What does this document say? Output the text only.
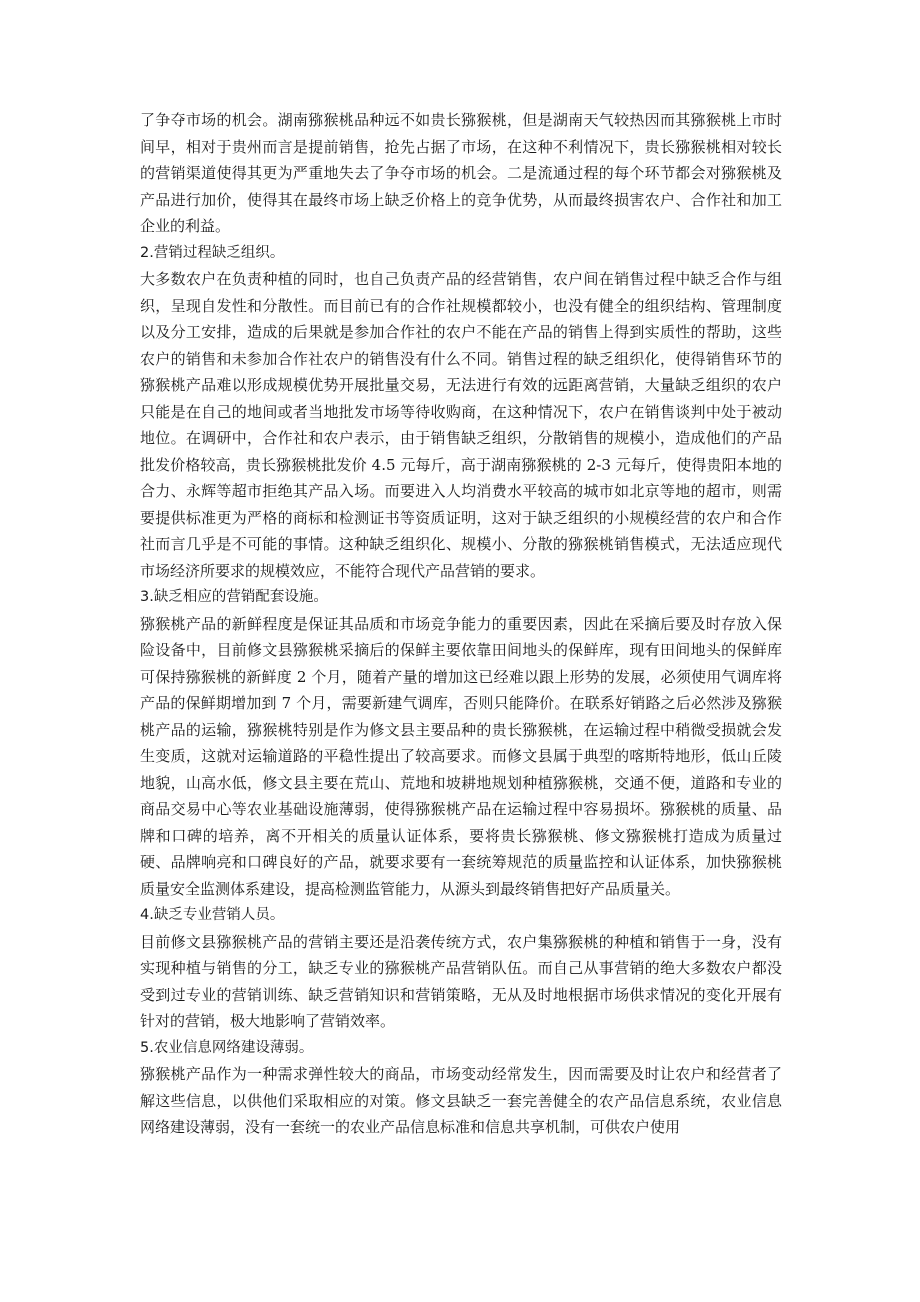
了争夺市场的机会。湖南猕猴桃品种远不如贵长猕猴桃，但是湖南天气较热因而其猕猴桃上市时间早，相对于贵州而言是提前销售，抢先占据了市场，在这种不利情况下，贵长猕猴桃相对较长的营销渠道使得其更为严重地失去了争夺市场的机会。二是流通过程的每个环节都会对猕猴桃及产品进行加价，使得其在最终市场上缺乏价格上的竞争优势，从而最终损害农户、合作社和加工企业的利益。

2.营销过程缺乏组织。

大多数农户在负责种植的同时，也自己负责产品的经营销售，农户间在销售过程中缺乏合作与组织，呈现自发性和分散性。而目前已有的合作社规模都较小，也没有健全的组织结构、管理制度以及分工安排，造成的后果就是参加合作社的农户不能在产品的销售上得到实质性的帮助，这些农户的销售和未参加合作社农户的销售没有什么不同。销售过程的缺乏组织化，使得销售环节的猕猴桃产品难以形成规模优势开展批量交易，无法进行有效的远距离营销，大量缺乏组织的农户只能是在自己的地间或者当地批发市场等待收购商，在这种情况下，农户在销售谈判中处于被动地位。在调研中，合作社和农户表示，由于销售缺乏组织，分散销售的规模小，造成他们的产品批发价格较高，贵长猕猴桃批发价 4.5 元每斤，高于湖南猕猴桃的 2-3 元每斤，使得贵阳本地的合力、永辉等超市拒绝其产品入场。而要进入人均消费水平较高的城市如北京等地的超市，则需要提供标准更为严格的商标和检测证书等资质证明，这对于缺乏组织的小规模经营的农户和合作社而言几乎是不可能的事情。这种缺乏组织化、规模小、分散的猕猴桃销售模式，无法适应现代市场经济所要求的规模效应，不能符合现代产品营销的要求。

3.缺乏相应的营销配套设施。

猕猴桃产品的新鲜程度是保证其品质和市场竞争能力的重要因素，因此在采摘后要及时存放入保险设备中，目前修文县猕猴桃采摘后的保鲜主要依靠田间地头的保鲜库，现有田间地头的保鲜库可保持猕猴桃的新鲜度 2 个月，随着产量的增加这已经难以跟上形势的发展，必须使用气调库将产品的保鲜期增加到 7 个月，需要新建气调库，否则只能降价。在联系好销路之后必然涉及猕猴桃产品的运输，猕猴桃特别是作为修文县主要品种的贵长猕猴桃，在运输过程中稍微受损就会发生变质，这就对运输道路的平稳性提出了较高要求。而修文县属于典型的喀斯特地形，低山丘陵地貌，山高水低，修文县主要在荒山、荒地和坡耕地规划种植猕猴桃，交通不便，道路和专业的商品交易中心等农业基础设施薄弱，使得猕猴桃产品在运输过程中容易损坏。猕猴桃的质量、品牌和口碑的培养，离不开相关的质量认证体系，要将贵长猕猴桃、修文猕猴桃打造成为质量过硬、品牌响亮和口碑良好的产品，就要求要有一套统筹规范的质量监控和认证体系，加快猕猴桃质量安全监测体系建设，提高检测监管能力，从源头到最终销售把好产品质量关。

4.缺乏专业营销人员。

目前修文县猕猴桃产品的营销主要还是沿袭传统方式，农户集猕猴桃的种植和销售于一身，没有实现种植与销售的分工，缺乏专业的猕猴桃产品营销队伍。而自己从事营销的绝大多数农户都没受到过专业的营销训练、缺乏营销知识和营销策略，无从及时地根据市场供求情况的变化开展有针对的营销，极大地影响了营销效率。

5.农业信息网络建设薄弱。

猕猴桃产品作为一种需求弹性较大的商品，市场变动经常发生，因而需要及时让农户和经营者了解这些信息，以供他们采取相应的对策。修文县缺乏一套完善健全的农产品信息系统，农业信息网络建设薄弱，没有一套统一的农业产品信息标准和信息共享机制，可供农户使用
